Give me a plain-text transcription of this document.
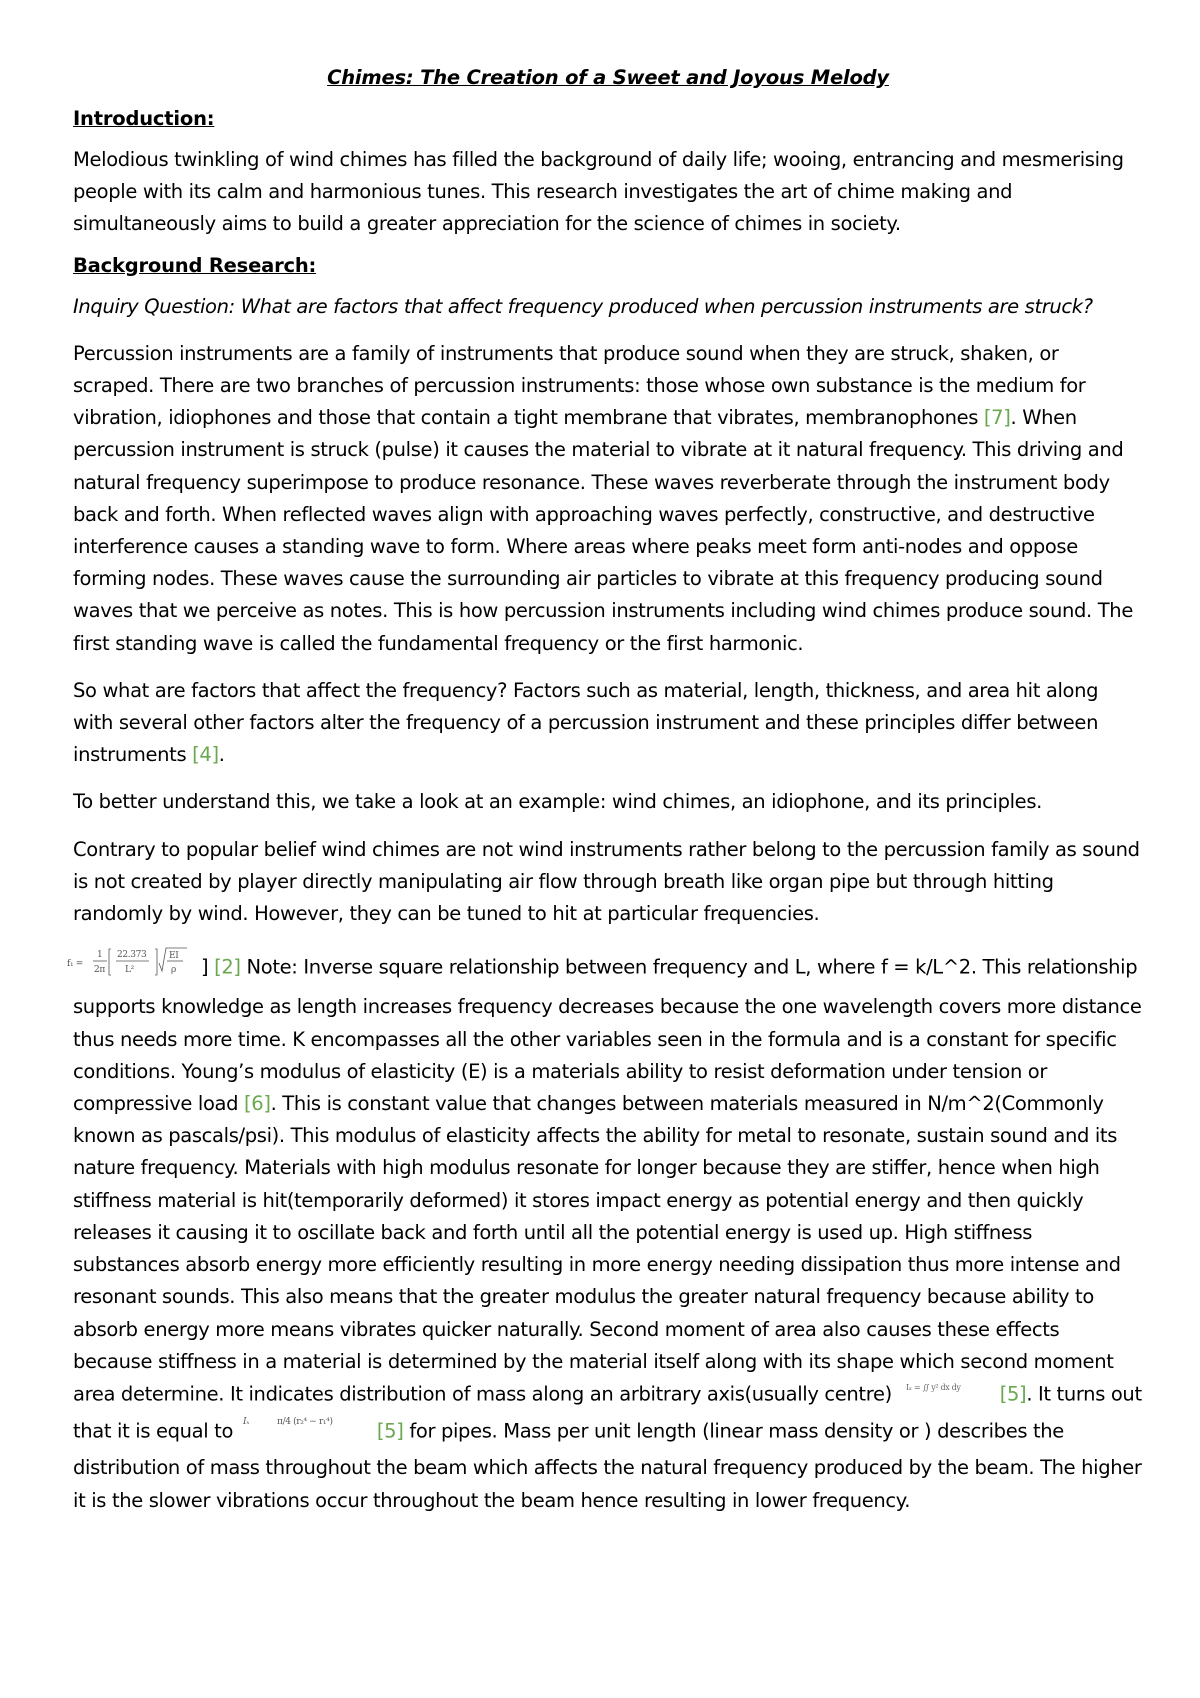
Chimes: The Creation of a Sweet and Joyous Melody
Introduction:

Melodious twinkling of wind chimes has filled the background of daily life; wooing, entrancing and mesmerising people with its calm and harmonious tunes. This research investigates the art of chime making and simultaneously aims to build a greater appreciation for the science of chimes in society.

Background Research:

Inquiry Question: What are factors that affect frequency produced when percussion instruments are struck?

Percussion instruments are a family of instruments that produce sound when they are struck, shaken, or scraped. There are two branches of percussion instruments: those whose own substance is the medium for vibration, idiophones and those that contain a tight membrane that vibrates, membranophones [7]. When percussion instrument is struck (pulse) it causes the material to vibrate at it natural frequency. This driving and natural frequency superimpose to produce resonance. These waves reverberate through the instrument body back and forth. When reflected waves align with approaching waves perfectly, constructive, and destructive interference causes a standing wave to form. Where areas where peaks meet form anti-nodes and oppose forming nodes. These waves cause the surrounding air particles to vibrate at this frequency producing sound waves that we perceive as notes. This is how percussion instruments including wind chimes produce sound. The first standing wave is called the fundamental frequency or the first harmonic.

So what are factors that affect the frequency? Factors such as material, length, thickness, and area hit along with several other factors alter the frequency of a percussion instrument and these principles differ between instruments [4].

To better understand this, we take a look at an example: wind chimes, an idiophone, and its principles.

Contrary to popular belief wind chimes are not wind instruments rather belong to the percussion family as sound is not created by player directly manipulating air flow through breath like organ pipe but through hitting randomly by wind. However, they can be tuned to hit at particular frequencies.

f₁ =
1
2π
22.373
L²
EI
ρ ] [2] Note: Inverse square relationship between frequency and L, where f = k/L^2. This relationship supports knowledge as length increases frequency decreases because the one wavelength covers more distance thus needs more time. K encompasses all the other variables seen in the formula and is a constant for specific conditions. Young’s modulus of elasticity (E) is a materials ability to resist deformation under tension or compressive load [6]. This is constant value that changes between materials measured in N/m^2(Commonly known as pascals/psi). This modulus of elasticity affects the ability for metal to resonate, sustain sound and its nature frequency. Materials with high modulus resonate for longer because they are stiffer, hence when high stiffness material is hit(temporarily deformed) it stores impact energy as potential energy and then quickly releases it causing it to oscillate back and forth until all the potential energy is used up. High stiffness substances absorb energy more efficiently resulting in more energy needing dissipation thus more intense and resonant sounds. This also means that the greater modulus the greater natural frequency because ability to absorb energy more means vibrates quicker naturally. Second moment of area also causes these effects because stiffness in a material is determined by the material itself along with its shape which second moment area determine. It indicates distribution of mass along an arbitrary axis(usually centre) Iₓ = ∬ y² dx dy [5]. It turns out that it is equal to Iₓ	π/4 (r₂⁴ − r₁⁴) [5] for pipes. Mass per unit length (linear mass density or ) describes the distribution of mass throughout the beam which affects the natural frequency produced by the beam. The higher it is the slower vibrations occur throughout the beam hence resulting in lower frequency.
